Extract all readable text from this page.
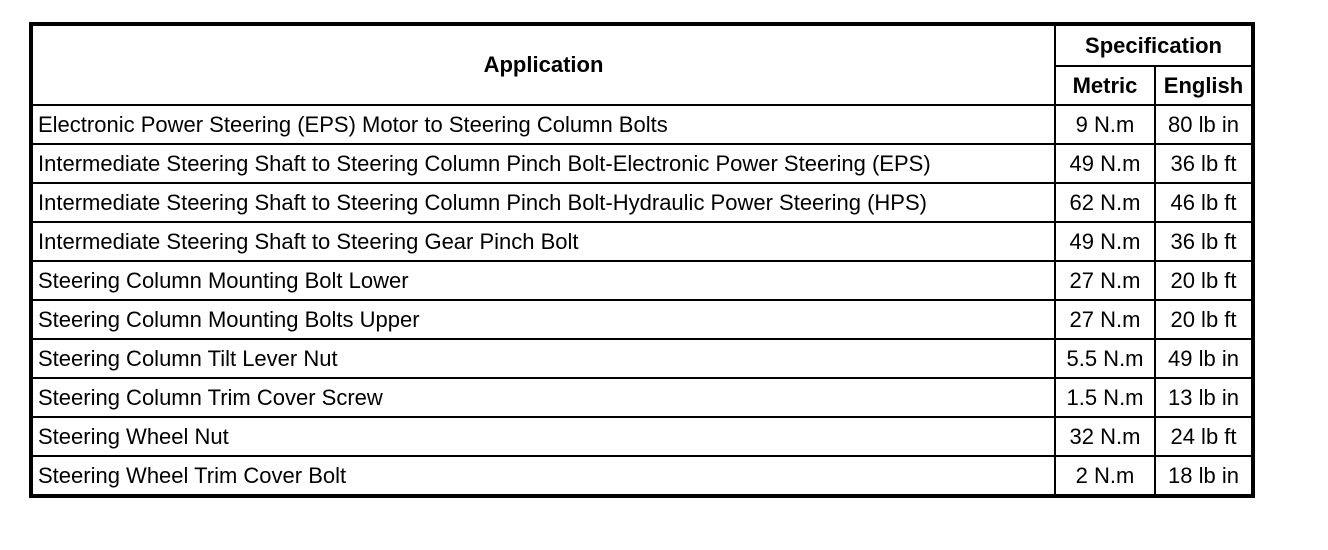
Application	Specification	
	Metric	English
Electronic Power Steering (EPS) Motor to Steering Column Bolts	9 N.m	80 lb in
Intermediate Steering Shaft to Steering Column Pinch Bolt-Electronic Power Steering (EPS)	49 N.m	36 lb ft
Intermediate Steering Shaft to Steering Column Pinch Bolt-Hydraulic Power Steering (HPS)	62 N.m	46 lb ft
Intermediate Steering Shaft to Steering Gear Pinch Bolt	49 N.m	36 lb ft
Steering Column Mounting Bolt Lower	27 N.m	20 lb ft
Steering Column Mounting Bolts Upper	27 N.m	20 lb ft
Steering Column Tilt Lever Nut	5.5 N.m	49 lb in
Steering Column Trim Cover Screw	1.5 N.m	13 lb in
Steering Wheel Nut	32 N.m	24 lb ft
Steering Wheel Trim Cover Bolt	2 N.m	18 lb in
